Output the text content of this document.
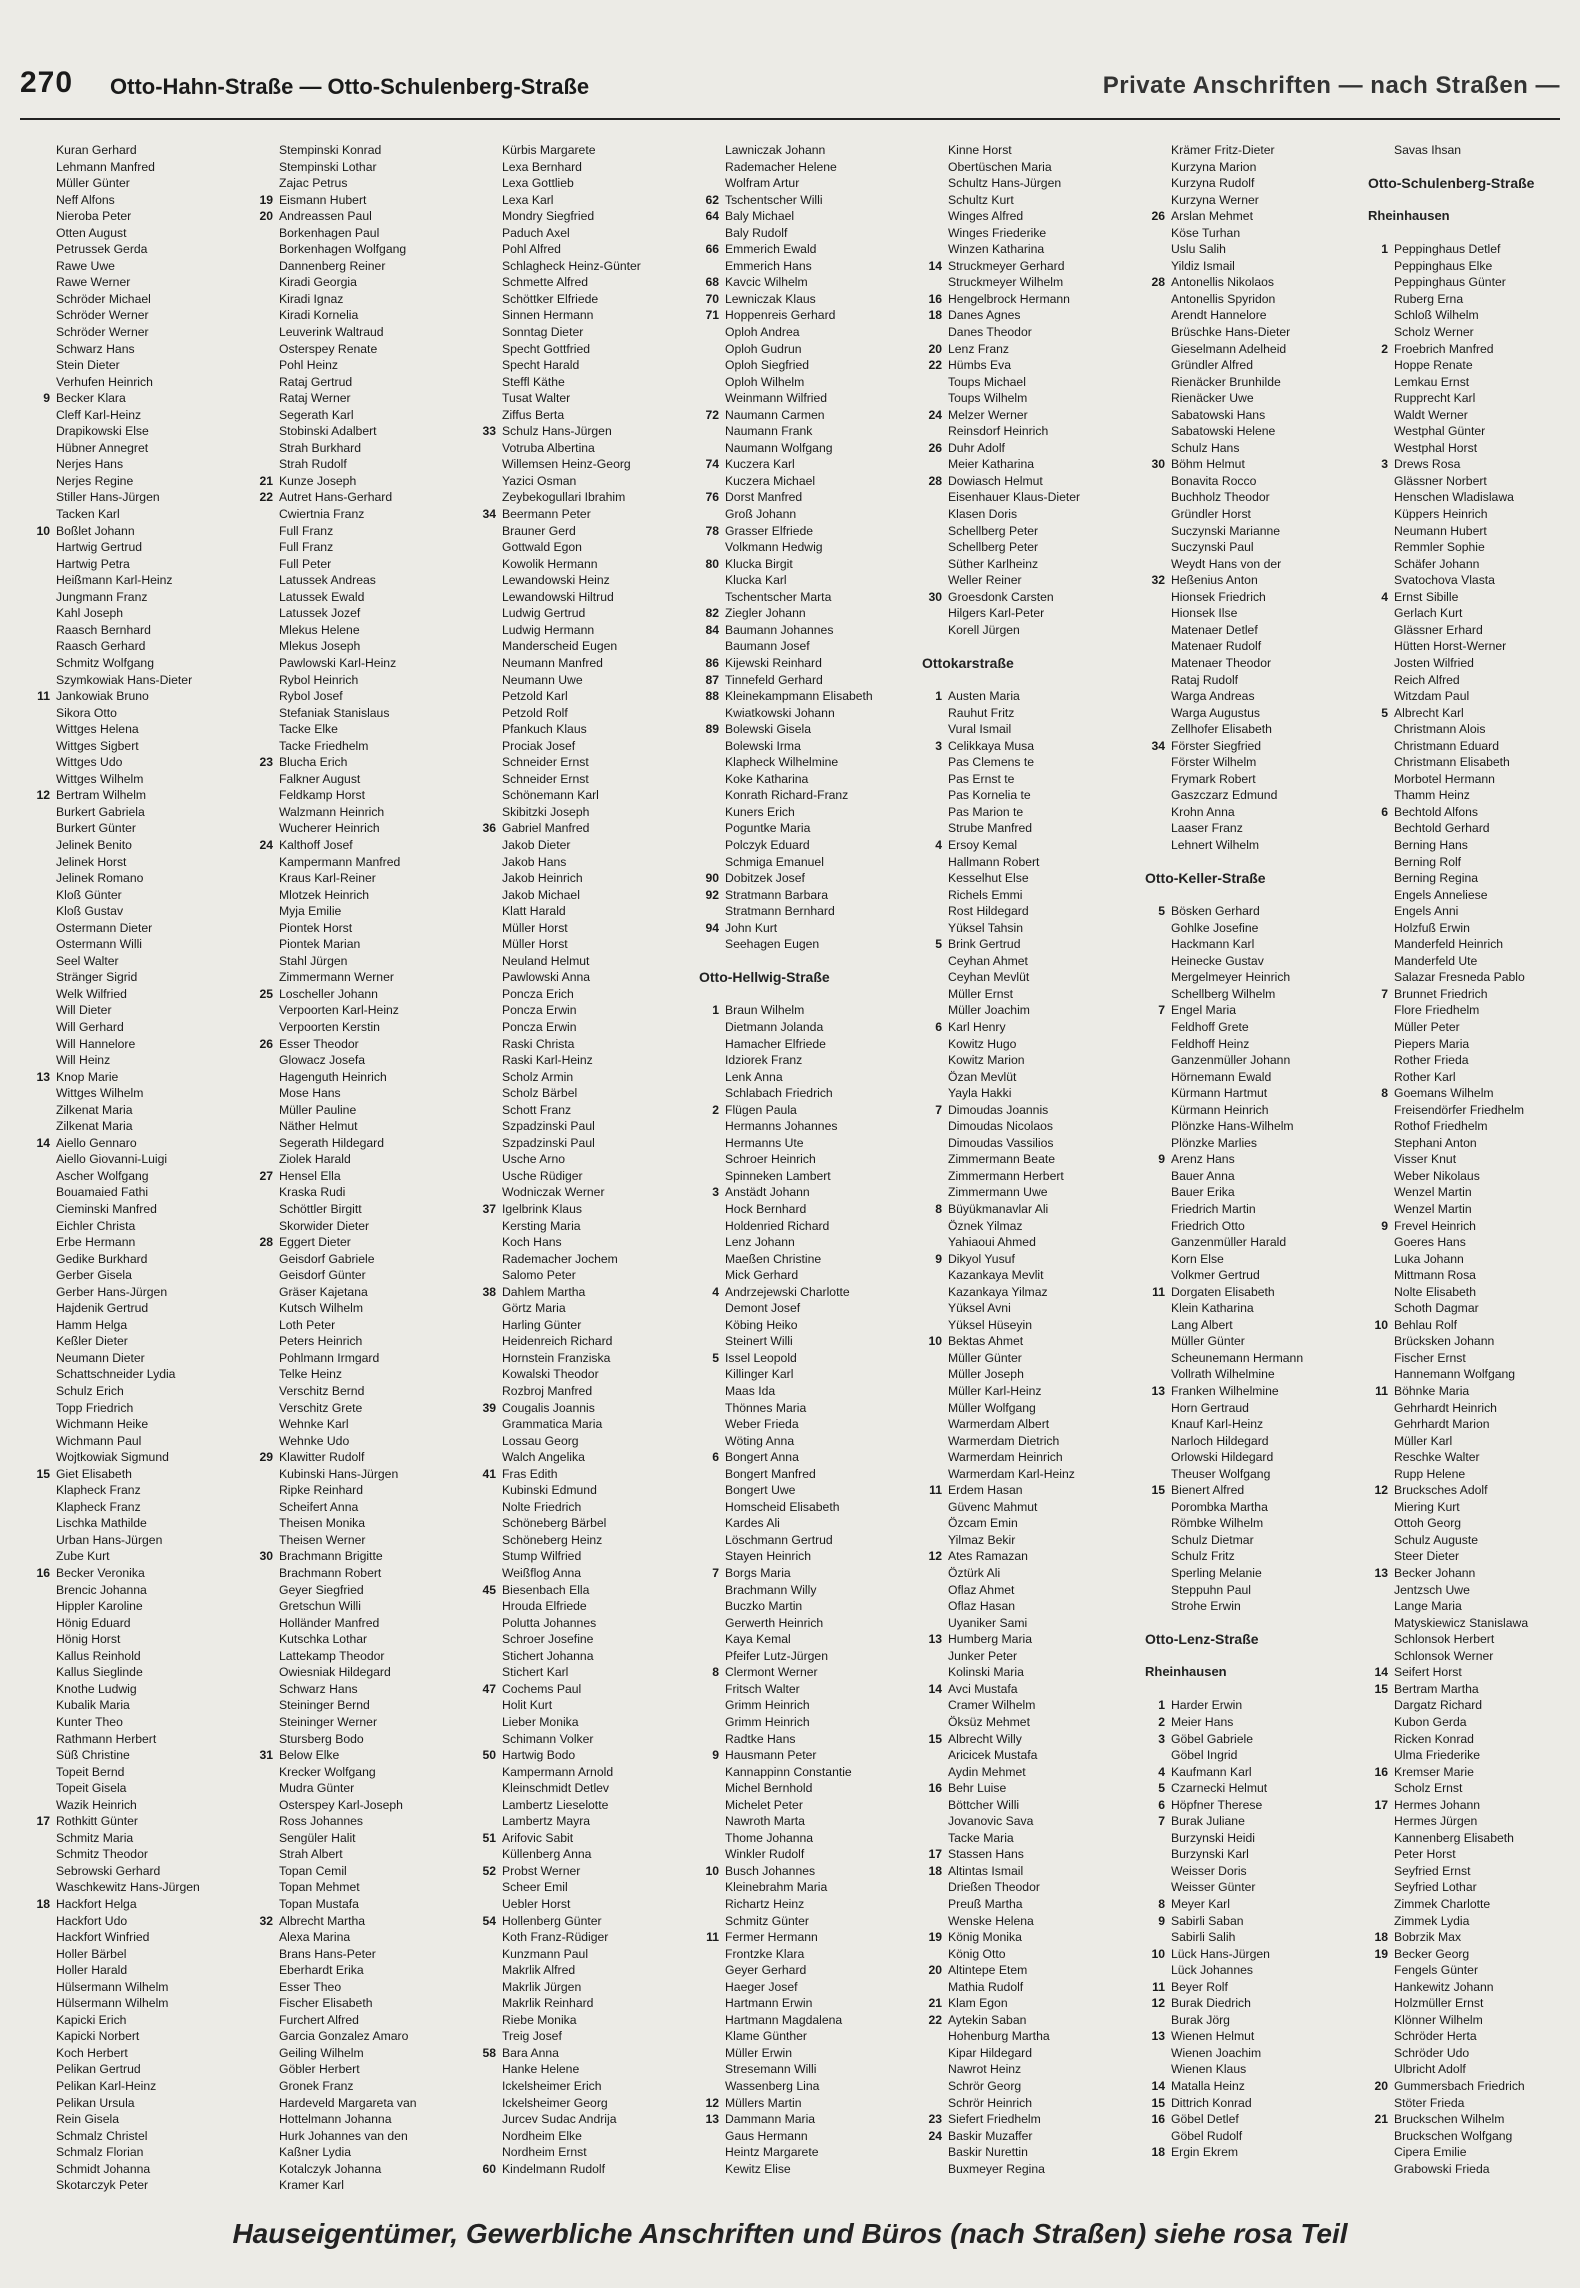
270 Otto-Hahn-Straße — Otto-Schulenberg-Straße	Private Anschriften — nach Straßen —
Kuran Gerhard
Lehmann Manfred
Müller Günter
Neff Alfons
Nieroba Peter
Otten August
Petrussek Gerda
Rawe Uwe
Rawe Werner
Schröder Michael
Schröder Werner
Schröder Werner
Schwarz Hans
Stein Dieter
Verhufen Heinrich
9 Becker Klara
Cleff Karl-Heinz
Drapikowski Else
Hübner Annegret
Nerjes Hans
Nerjes Regine
Stiller Hans-Jürgen
Tacken Karl
10 Boßlet Johann
Hartwig Gertrud
Hartwig Petra
Heißmann Karl-Heinz
Jungmann Franz
Kahl Joseph
Raasch Bernhard
Raasch Gerhard
Schmitz Wolfgang
Szymkowiak Hans-Dieter
11 Jankowiak Bruno
Sikora Otto
Wittges Helena
Wittges Sigbert
Wittges Udo
Wittges Wilhelm
12 Bertram Wilhelm
Burkert Gabriela
Burkert Günter
Jelinek Benito
Jelinek Horst
Jelinek Romano
Kloß Günter
Kloß Gustav
Ostermann Dieter
Ostermann Willi
Seel Walter
Stränger Sigrid
Welk Wilfried
Will Dieter
Will Gerhard
Will Hannelore
Will Heinz
13 Knop Marie
Wittges Wilhelm
Zilkenat Maria
Zilkenat Maria
14 Aiello Gennaro
Aiello Giovanni-Luigi
Ascher Wolfgang
Bouamaied Fathi
Cieminski Manfred
Eichler Christa
Erbe Hermann
Gedike Burkhard
Gerber Gisela
Gerber Hans-Jürgen
Hajdenik Gertrud
Hamm Helga
Keßler Dieter
Neumann Dieter
Schattschneider Lydia
Schulz Erich
Topp Friedrich
Wichmann Heike
Wichmann Paul
Wojtkowiak Sigmund
15 Giet Elisabeth
Klapheck Franz
Klapheck Franz
Lischka Mathilde
Urban Hans-Jürgen
Zube Kurt
16 Becker Veronika
Brencic Johanna
Hippler Karoline
Hönig Eduard
Hönig Horst
Kallus Reinhold
Kallus Sieglinde
Knothe Ludwig
Kubalik Maria
Kunter Theo
Rathmann Herbert
Süß Christine
Topeit Bernd
Topeit Gisela
Wazik Heinrich
17 Rothkitt Günter
Schmitz Maria
Schmitz Theodor
Sebrowski Gerhard
Waschkewitz Hans-Jürgen
18 Hackfort Helga
Hackfort Udo
Hackfort Winfried
Holler Bärbel
Holler Harald
Hülsermann Wilhelm
Hülsermann Wilhelm
Kapicki Erich
Kapicki Norbert
Koch Herbert
Pelikan Gertrud
Pelikan Karl-Heinz
Pelikan Ursula
Rein Gisela
Schmalz Christel
Schmalz Florian
Schmidt Johanna
Skotarczyk Peter
Stempinski Konrad
Stempinski Lothar
Zajac Petrus
19 Eismann Hubert
20 Andreassen Paul
Borkenhagen Paul
Borkenhagen Wolfgang
Dannenberg Reiner
Kiradi Georgia
Kiradi Ignaz
Kiradi Kornelia
Leuverink Waltraud
Osterspey Renate
Pohl Heinz
Rataj Gertrud
Rataj Werner
Segerath Karl
Stobinski Adalbert
Strah Burkhard
Strah Rudolf
21 Kunze Joseph
22 Autret Hans-Gerhard
Cwiertnia Franz
Full Franz
Full Franz
Full Peter
Latussek Andreas
Latussek Ewald
Latussek Jozef
Mlekus Helene
Mlekus Joseph
Pawlowski Karl-Heinz
Rybol Heinrich
Rybol Josef
Stefaniak Stanislaus
Tacke Elke
Tacke Friedhelm
23 Blucha Erich
Falkner August
Feldkamp Horst
Walzmann Heinrich
Wucherer Heinrich
24 Kalthoff Josef
Kampermann Manfred
Kraus Karl-Reiner
Mlotzek Heinrich
Myja Emilie
Piontek Horst
Piontek Marian
Stahl Jürgen
Zimmermann Werner
25 Loscheller Johann
Verpoorten Karl-Heinz
Verpoorten Kerstin
26 Esser Theodor
Glowacz Josefa
Hagenguth Heinrich
Mose Hans
Müller Pauline
Näther Helmut
Segerath Hildegard
Ziolek Harald
27 Hensel Ella
Kraska Rudi
Schöttler Birgitt
Skorwider Dieter
28 Eggert Dieter
Geisdorf Gabriele
Geisdorf Günter
Gräser Kajetana
Kutsch Wilhelm
Loth Peter
Peters Heinrich
Pohlmann Irmgard
Telke Heinz
Verschitz Bernd
Verschitz Grete
Wehnke Karl
Wehnke Udo
29 Klawitter Rudolf
Kubinski Hans-Jürgen
Ripke Reinhard
Scheifert Anna
Theisen Monika
Theisen Werner
30 Brachmann Brigitte
Brachmann Robert
Geyer Siegfried
Gretschun Willi
Holländer Manfred
Kutschka Lothar
Lattekamp Theodor
Owiesniak Hildegard
Schwarz Hans
Steininger Bernd
Steininger Werner
Stursberg Bodo
31 Below Elke
Krecker Wolfgang
Mudra Günter
Osterspey Karl-Joseph
Ross Johannes
Sengüler Halit
Strah Albert
Topan Cemil
Topan Mehmet
Topan Mustafa
32 Albrecht Martha
Alexa Marina
Brans Hans-Peter
Eberhardt Erika
Esser Theo
Fischer Elisabeth
Furchert Alfred
Garcia Gonzalez Amaro
Geiling Wilhelm
Göbler Herbert
Gronek Franz
Hardeveld Margareta van
Hottelmann Johanna
Hurk Johannes van den
Kaßner Lydia
Kotalczyk Johanna
Kramer Karl
Kürbis Margarete
Lexa Bernhard
Lexa Gottlieb
Lexa Karl
Mondry Siegfried
Paduch Axel
Pohl Alfred
Schlagheck Heinz-Günter
Schmette Alfred
Schöttker Elfriede
Sinnen Hermann
Sonntag Dieter
Specht Gottfried
Specht Harald
Steffl Käthe
Tusat Walter
Ziffus Berta
33 Schulz Hans-Jürgen
Votruba Albertina
Willemsen Heinz-Georg
Yazici Osman
Zeybekogullari Ibrahim
34 Beermann Peter
Brauner Gerd
Gottwald Egon
Kowolik Hermann
Lewandowski Heinz
Lewandowski Hiltrud
Ludwig Gertrud
Ludwig Hermann
Manderscheid Eugen
Neumann Manfred
Neumann Uwe
Petzold Karl
Petzold Rolf
Pfankuch Klaus
Prociak Josef
Schneider Ernst
Schneider Ernst
Schönemann Karl
Skibitzki Joseph
36 Gabriel Manfred
Jakob Dieter
Jakob Hans
Jakob Heinrich
Jakob Michael
Klatt Harald
Müller Horst
Müller Horst
Neuland Helmut
Pawlowski Anna
Poncza Erich
Poncza Erwin
Poncza Erwin
Raski Christa
Raski Karl-Heinz
Scholz Armin
Scholz Bärbel
Schott Franz
Szpadzinski Paul
Szpadzinski Paul
Usche Arno
Usche Rüdiger
Wodniczak Werner
37 Igelbrink Klaus
Kersting Maria
Koch Hans
Rademacher Jochem
Salomo Peter
38 Dahlem Martha
Görtz Maria
Harling Günter
Heidenreich Richard
Hornstein Franziska
Kowalski Theodor
Rozbroj Manfred
39 Cougalis Joannis
Grammatica Maria
Lossau Georg
Walch Angelika
41 Fras Edith
Kubinski Edmund
Nolte Friedrich
Schöneberg Bärbel
Schöneberg Heinz
Stump Wilfried
Weißflog Anna
45 Biesenbach Ella
Hrouda Elfriede
Polutta Johannes
Schroer Josefine
Stichert Johanna
Stichert Karl
47 Cochems Paul
Holit Kurt
Lieber Monika
Schimann Volker
50 Hartwig Bodo
Kampermann Arnold
Kleinschmidt Detlev
Lambertz Lieselotte
Lambertz Mayra
51 Arifovic Sabit
Küllenberg Anna
52 Probst Werner
Scheer Emil
Uebler Horst
54 Hollenberg Günter
Koth Franz-Rüdiger
Kunzmann Paul
Makrlik Alfred
Makrlik Jürgen
Makrlik Reinhard
Riebe Monika
Treig Josef
58 Bara Anna
Hanke Helene
Ickelsheimer Erich
Ickelsheimer Georg
Jurcev Sudac Andrija
Nordheim Elke
Nordheim Ernst
60 Kindelmann Rudolf
Lawniczak Johann
Rademacher Helene
Wolfram Artur
62 Tschentscher Willi
64 Baly Michael
Baly Rudolf
66 Emmerich Ewald
Emmerich Hans
68 Kavcic Wilhelm
70 Lewniczak Klaus
71 Hoppenreis Gerhard
Oploh Andrea
Oploh Gudrun
Oploh Siegfried
Oploh Wilhelm
Weinmann Wilfried
72 Naumann Carmen
Naumann Frank
Naumann Wolfgang
74 Kuczera Karl
Kuczera Michael
76 Dorst Manfred
Groß Johann
78 Grasser Elfriede
Volkmann Hedwig
80 Klucka Birgit
Klucka Karl
Tschentscher Marta
82 Ziegler Johann
84 Baumann Johannes
Baumann Josef
86 Kijewski Reinhard
87 Tinnefeld Gerhard
88 Kleinekampmann Elisabeth
Kwiatkowski Johann
89 Bolewski Gisela
Bolewski Irma
Klapheck Wilhelmine
Koke Katharina
Konrath Richard-Franz
Kuners Erich
Poguntke Maria
Polczyk Eduard
Schmiga Emanuel
90 Dobitzek Josef
92 Stratmann Barbara
Stratmann Bernhard
94 John Kurt
Seehagen Eugen
Otto-Hellwig-Straße
1 Braun Wilhelm
Dietmann Jolanda
Hamacher Elfriede
Idziorek Franz
Lenk Anna
Schlabach Friedrich
2 Flügen Paula
Hermanns Johannes
Hermanns Ute
Schroer Heinrich
Spinneken Lambert
3 Anstädt Johann
Hock Bernhard
Holdenried Richard
Lenz Johann
Maeßen Christine
Mick Gerhard
4 Andrzejewski Charlotte
Demont Josef
Köbing Heiko
Steinert Willi
5 Issel Leopold
Killinger Karl
Maas Ida
Thönnes Maria
Weber Frieda
Wöting Anna
6 Bongert Anna
Bongert Manfred
Bongert Uwe
Homscheid Elisabeth
Kardes Ali
Löschmann Gertrud
Stayen Heinrich
7 Borgs Maria
Brachmann Willy
Buczko Martin
Gerwerth Heinrich
Kaya Kemal
Pfeifer Lutz-Jürgen
8 Clermont Werner
Fritsch Walter
Grimm Heinrich
Grimm Heinrich
Radtke Hans
9 Hausmann Peter
Kannappinn Constantie
Michel Bernhold
Michelet Peter
Nawroth Marta
Thome Johanna
Winkler Rudolf
10 Busch Johannes
Kleinebrahm Maria
Richartz Heinz
Schmitz Günter
11 Fermer Hermann
Frontzke Klara
Geyer Gerhard
Haeger Josef
Hartmann Erwin
Hartmann Magdalena
Klame Günther
Müller Erwin
Stresemann Willi
Wassenberg Lina
12 Müllers Martin
13 Dammann Maria
Gaus Hermann
Heintz Margarete
Kewitz Elise
Kinne Horst
Obertüschen Maria
Schultz Hans-Jürgen
Schultz Kurt
Winges Alfred
Winges Friederike
Winzen Katharina
14 Struckmeyer Gerhard
Struckmeyer Wilhelm
16 Hengelbrock Hermann
18 Danes Agnes
Danes Theodor
20 Lenz Franz
22 Hümbs Eva
Toups Michael
Toups Wilhelm
24 Melzer Werner
Reinsdorf Heinrich
26 Duhr Adolf
Meier Katharina
28 Dowiasch Helmut
Eisenhauer Klaus-Dieter
Klasen Doris
Schellberg Peter
Schellberg Peter
Süther Karlheinz
Weller Reiner
30 Groesdonk Carsten
Hilgers Karl-Peter
Korell Jürgen
Ottokarstraße
1 Austen Maria
Rauhut Fritz
Vural Ismail
3 Celikkaya Musa
Pas Clemens te
Pas Ernst te
Pas Kornelia te
Pas Marion te
Strube Manfred
4 Ersoy Kemal
Hallmann Robert
Kesselhut Else
Richels Emmi
Rost Hildegard
Yüksel Tahsin
5 Brink Gertrud
Ceyhan Ahmet
Ceyhan Mevlüt
Müller Ernst
Müller Joachim
6 Karl Henry
Kowitz Hugo
Kowitz Marion
Özan Mevlüt
Yayla Hakki
7 Dimoudas Joannis
Dimoudas Nicolaos
Dimoudas Vassilios
Zimmermann Beate
Zimmermann Herbert
Zimmermann Uwe
8 Büyükmanavlar Ali
Öznek Yilmaz
Yahiaoui Ahmed
9 Dikyol Yusuf
Kazankaya Mevlit
Kazankaya Yilmaz
Yüksel Avni
Yüksel Hüseyin
10 Bektas Ahmet
Müller Günter
Müller Joseph
Müller Karl-Heinz
Müller Wolfgang
Warmerdam Albert
Warmerdam Dietrich
Warmerdam Heinrich
Warmerdam Karl-Heinz
11 Erdem Hasan
Güvenc Mahmut
Özcam Emin
Yilmaz Bekir
12 Ates Ramazan
Öztürk Ali
Oflaz Ahmet
Oflaz Hasan
Uyaniker Sami
13 Humberg Maria
Junker Peter
Kolinski Maria
14 Avci Mustafa
Cramer Wilhelm
Öksüz Mehmet
15 Albrecht Willy
Aricicek Mustafa
Aydin Mehmet
16 Behr Luise
Böttcher Willi
Jovanovic Sava
Tacke Maria
17 Stassen Hans
18 Altintas Ismail
Drießen Theodor
Preuß Martha
Wenske Helena
19 König Monika
König Otto
20 Altintepe Etem
Mathia Rudolf
21 Klam Egon
22 Aytekin Saban
Hohenburg Martha
Kipar Hildegard
Nawrot Heinz
Schrör Georg
Schrör Heinrich
23 Siefert Friedhelm
24 Baskir Muzaffer
Baskir Nurettin
Buxmeyer Regina
Krämer Fritz-Dieter
Kurzyna Marion
Kurzyna Rudolf
Kurzyna Werner
26 Arslan Mehmet
Köse Turhan
Uslu Salih
Yildiz Ismail
28 Antonellis Nikolaos
Antonellis Spyridon
Arendt Hannelore
Brüschke Hans-Dieter
Gieselmann Adelheid
Gründler Alfred
Rienäcker Brunhilde
Rienäcker Uwe
Sabatowski Hans
Sabatowski Helene
Schulz Hans
30 Böhm Helmut
Bonavita Rocco
Buchholz Theodor
Gründler Horst
Suczynski Marianne
Suczynski Paul
Weydt Hans von der
32 Heßenius Anton
Hionsek Friedrich
Hionsek Ilse
Matenaer Detlef
Matenaer Rudolf
Matenaer Theodor
Rataj Rudolf
Warga Andreas
Warga Augustus
Zellhofer Elisabeth
34 Förster Siegfried
Förster Wilhelm
Frymark Robert
Gaszczarz Edmund
Krohn Anna
Laaser Franz
Lehnert Wilhelm
Otto-Keller-Straße
5 Bösken Gerhard
Gohlke Josefine
Hackmann Karl
Heinecke Gustav
Mergelmeyer Heinrich
Schellberg Wilhelm
7 Engel Maria
Feldhoff Grete
Feldhoff Heinz
Ganzenmüller Johann
Hörnemann Ewald
Kürmann Hartmut
Kürmann Heinrich
Plönzke Hans-Wilhelm
Plönzke Marlies
9 Arenz Hans
Bauer Anna
Bauer Erika
Friedrich Martin
Friedrich Otto
Ganzenmüller Harald
Korn Else
Volkmer Gertrud
11 Dorgaten Elisabeth
Klein Katharina
Lang Albert
Müller Günter
Scheunemann Hermann
Vollrath Wilhelmine
13 Franken Wilhelmine
Horn Gertraud
Knauf Karl-Heinz
Narloch Hildegard
Orlowski Hildegard
Theuser Wolfgang
15 Bienert Alfred
Porombka Martha
Römbke Wilhelm
Schulz Dietmar
Schulz Fritz
Sperling Melanie
Steppuhn Paul
Strohe Erwin
Otto-Lenz-Straße
Rheinhausen
1 Harder Erwin
2 Meier Hans
3 Göbel Gabriele
Göbel Ingrid
4 Kaufmann Karl
5 Czarnecki Helmut
6 Höpfner Therese
7 Burak Juliane
Burzynski Heidi
Burzynski Karl
Weisser Doris
Weisser Günter
8 Meyer Karl
9 Sabirli Saban
Sabirli Salih
10 Lück Hans-Jürgen
Lück Johannes
11 Beyer Rolf
12 Burak Diedrich
Burak Jörg
13 Wienen Helmut
Wienen Joachim
Wienen Klaus
14 Matalla Heinz
15 Dittrich Konrad
16 Göbel Detlef
Göbel Rudolf
18 Ergin Ekrem
Savas Ihsan
Otto-Schulenberg-Straße
Rheinhausen
1 Peppinghaus Detlef
Peppinghaus Elke
Peppinghaus Günter
Ruberg Erna
Schloß Wilhelm
Scholz Werner
2 Froebrich Manfred
Hoppe Renate
Lemkau Ernst
Rupprecht Karl
Waldt Werner
Westphal Günter
Westphal Horst
3 Drews Rosa
Glässner Norbert
Henschen Wladislawa
Küppers Heinrich
Neumann Hubert
Remmler Sophie
Schäfer Johann
Svatochova Vlasta
4 Ernst Sibille
Gerlach Kurt
Glässner Erhard
Hütten Horst-Werner
Josten Wilfried
Reich Alfred
Witzdam Paul
5 Albrecht Karl
Christmann Alois
Christmann Eduard
Christmann Elisabeth
Morbotel Hermann
Thamm Heinz
6 Bechtold Alfons
Bechtold Gerhard
Berning Hans
Berning Rolf
Berning Regina
Engels Anneliese
Engels Anni
Holzfuß Erwin
Manderfeld Heinrich
Manderfeld Ute
Salazar Fresneda Pablo
7 Brunnet Friedrich
Flore Friedhelm
Müller Peter
Piepers Maria
Rother Frieda
Rother Karl
8 Goemans Wilhelm
Freisendörfer Friedhelm
Rothof Friedhelm
Stephani Anton
Visser Knut
Weber Nikolaus
Wenzel Martin
Wenzel Martin
9 Frevel Heinrich
Goeres Hans
Luka Johann
Mittmann Rosa
Nolte Elisabeth
Schoth Dagmar
10 Behlau Rolf
Brücksken Johann
Fischer Ernst
Hannemann Wolfgang
11 Böhnke Maria
Gehrhardt Heinrich
Gehrhardt Marion
Müller Karl
Reschke Walter
Rupp Helene
12 Brucksches Adolf
Miering Kurt
Ottoh Georg
Schulz Auguste
Steer Dieter
13 Becker Johann
Jentzsch Uwe
Lange Maria
Matyskiewicz Stanislawa
Schlonsok Herbert
Schlonsok Werner
14 Seifert Horst
15 Bertram Martha
Dargatz Richard
Kubon Gerda
Ricken Konrad
Ulma Friederike
16 Kremser Marie
Scholz Ernst
17 Hermes Johann
Hermes Jürgen
Kannenberg Elisabeth
Peter Horst
Seyfried Ernst
Seyfried Lothar
Zimmek Charlotte
Zimmek Lydia
18 Bobrzik Max
19 Becker Georg
Fengels Günter
Hankewitz Johann
Holzmüller Ernst
Klönner Wilhelm
Schröder Herta
Schröder Udo
Ulbricht Adolf
20 Gummersbach Friedrich
Stöter Frieda
21 Bruckschen Wilhelm
Bruckschen Wolfgang
Cipera Emilie
Grabowski Frieda
Hauseigentümer, Gewerbliche Anschriften und Büros (nach Straßen) siehe rosa Teil
